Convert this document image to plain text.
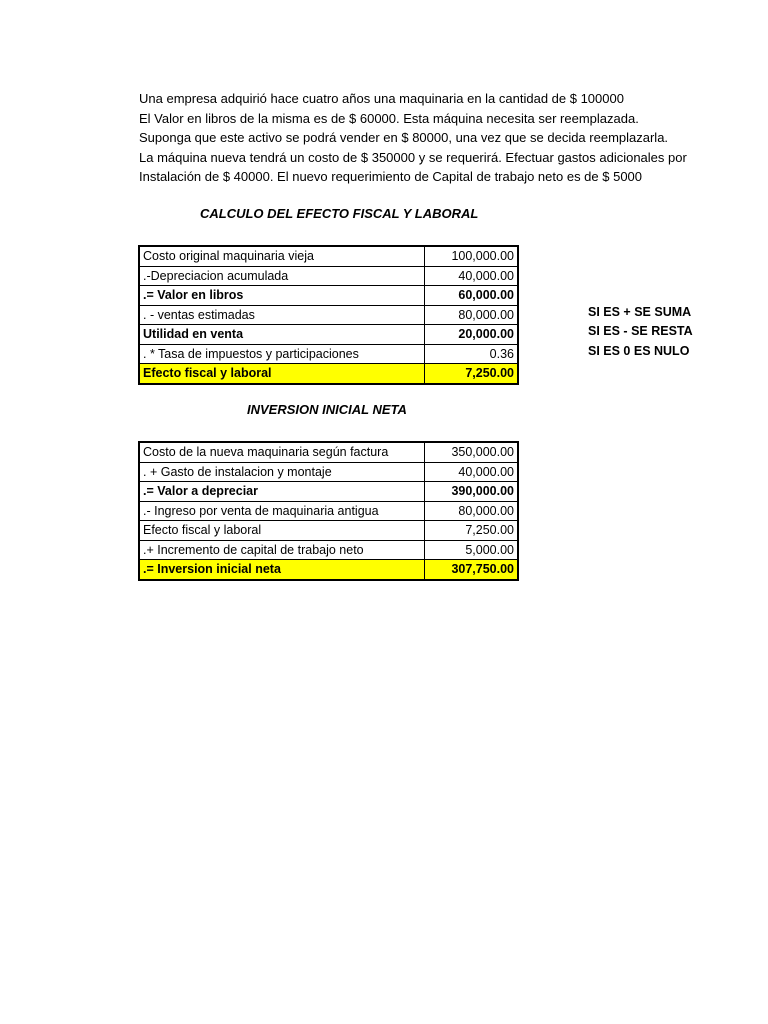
Una empresa adquirió hace cuatro años una maquinaria en la cantidad de $ 100000
El Valor en libros de la misma es de $ 60000. Esta máquina necesita ser reemplazada.
Suponga que este activo se podrá vender en $ 80000, una vez que se decida reemplazarla.
La máquina nueva tendrá un costo de $ 350000 y se requerirá. Efectuar gastos adicionales por
Instalación de $ 40000. El nuevo requerimiento de Capital de trabajo neto es de $ 5000
CALCULO DEL EFECTO FISCAL Y LABORAL
Costo original maquinaria vieja	100,000.00
.-Depreciacion acumulada	40,000.00
.= Valor en libros	60,000.00
. - ventas estimadas	80,000.00
Utilidad en venta	20,000.00
. * Tasa de impuestos y participaciones	0.36
Efecto fiscal y laboral	7,250.00
SI ES + SE SUMA
SI ES - SE RESTA
SI ES 0 ES NULO
INVERSION INICIAL NETA
Costo de la nueva maquinaria según factura	350,000.00
. + Gasto de instalacion y montaje	40,000.00
.= Valor a depreciar	390,000.00
.- Ingreso por venta de maquinaria antigua	80,000.00
Efecto fiscal y laboral	7,250.00
.+ Incremento de capital de trabajo neto	5,000.00
.= Inversion inicial neta	307,750.00
